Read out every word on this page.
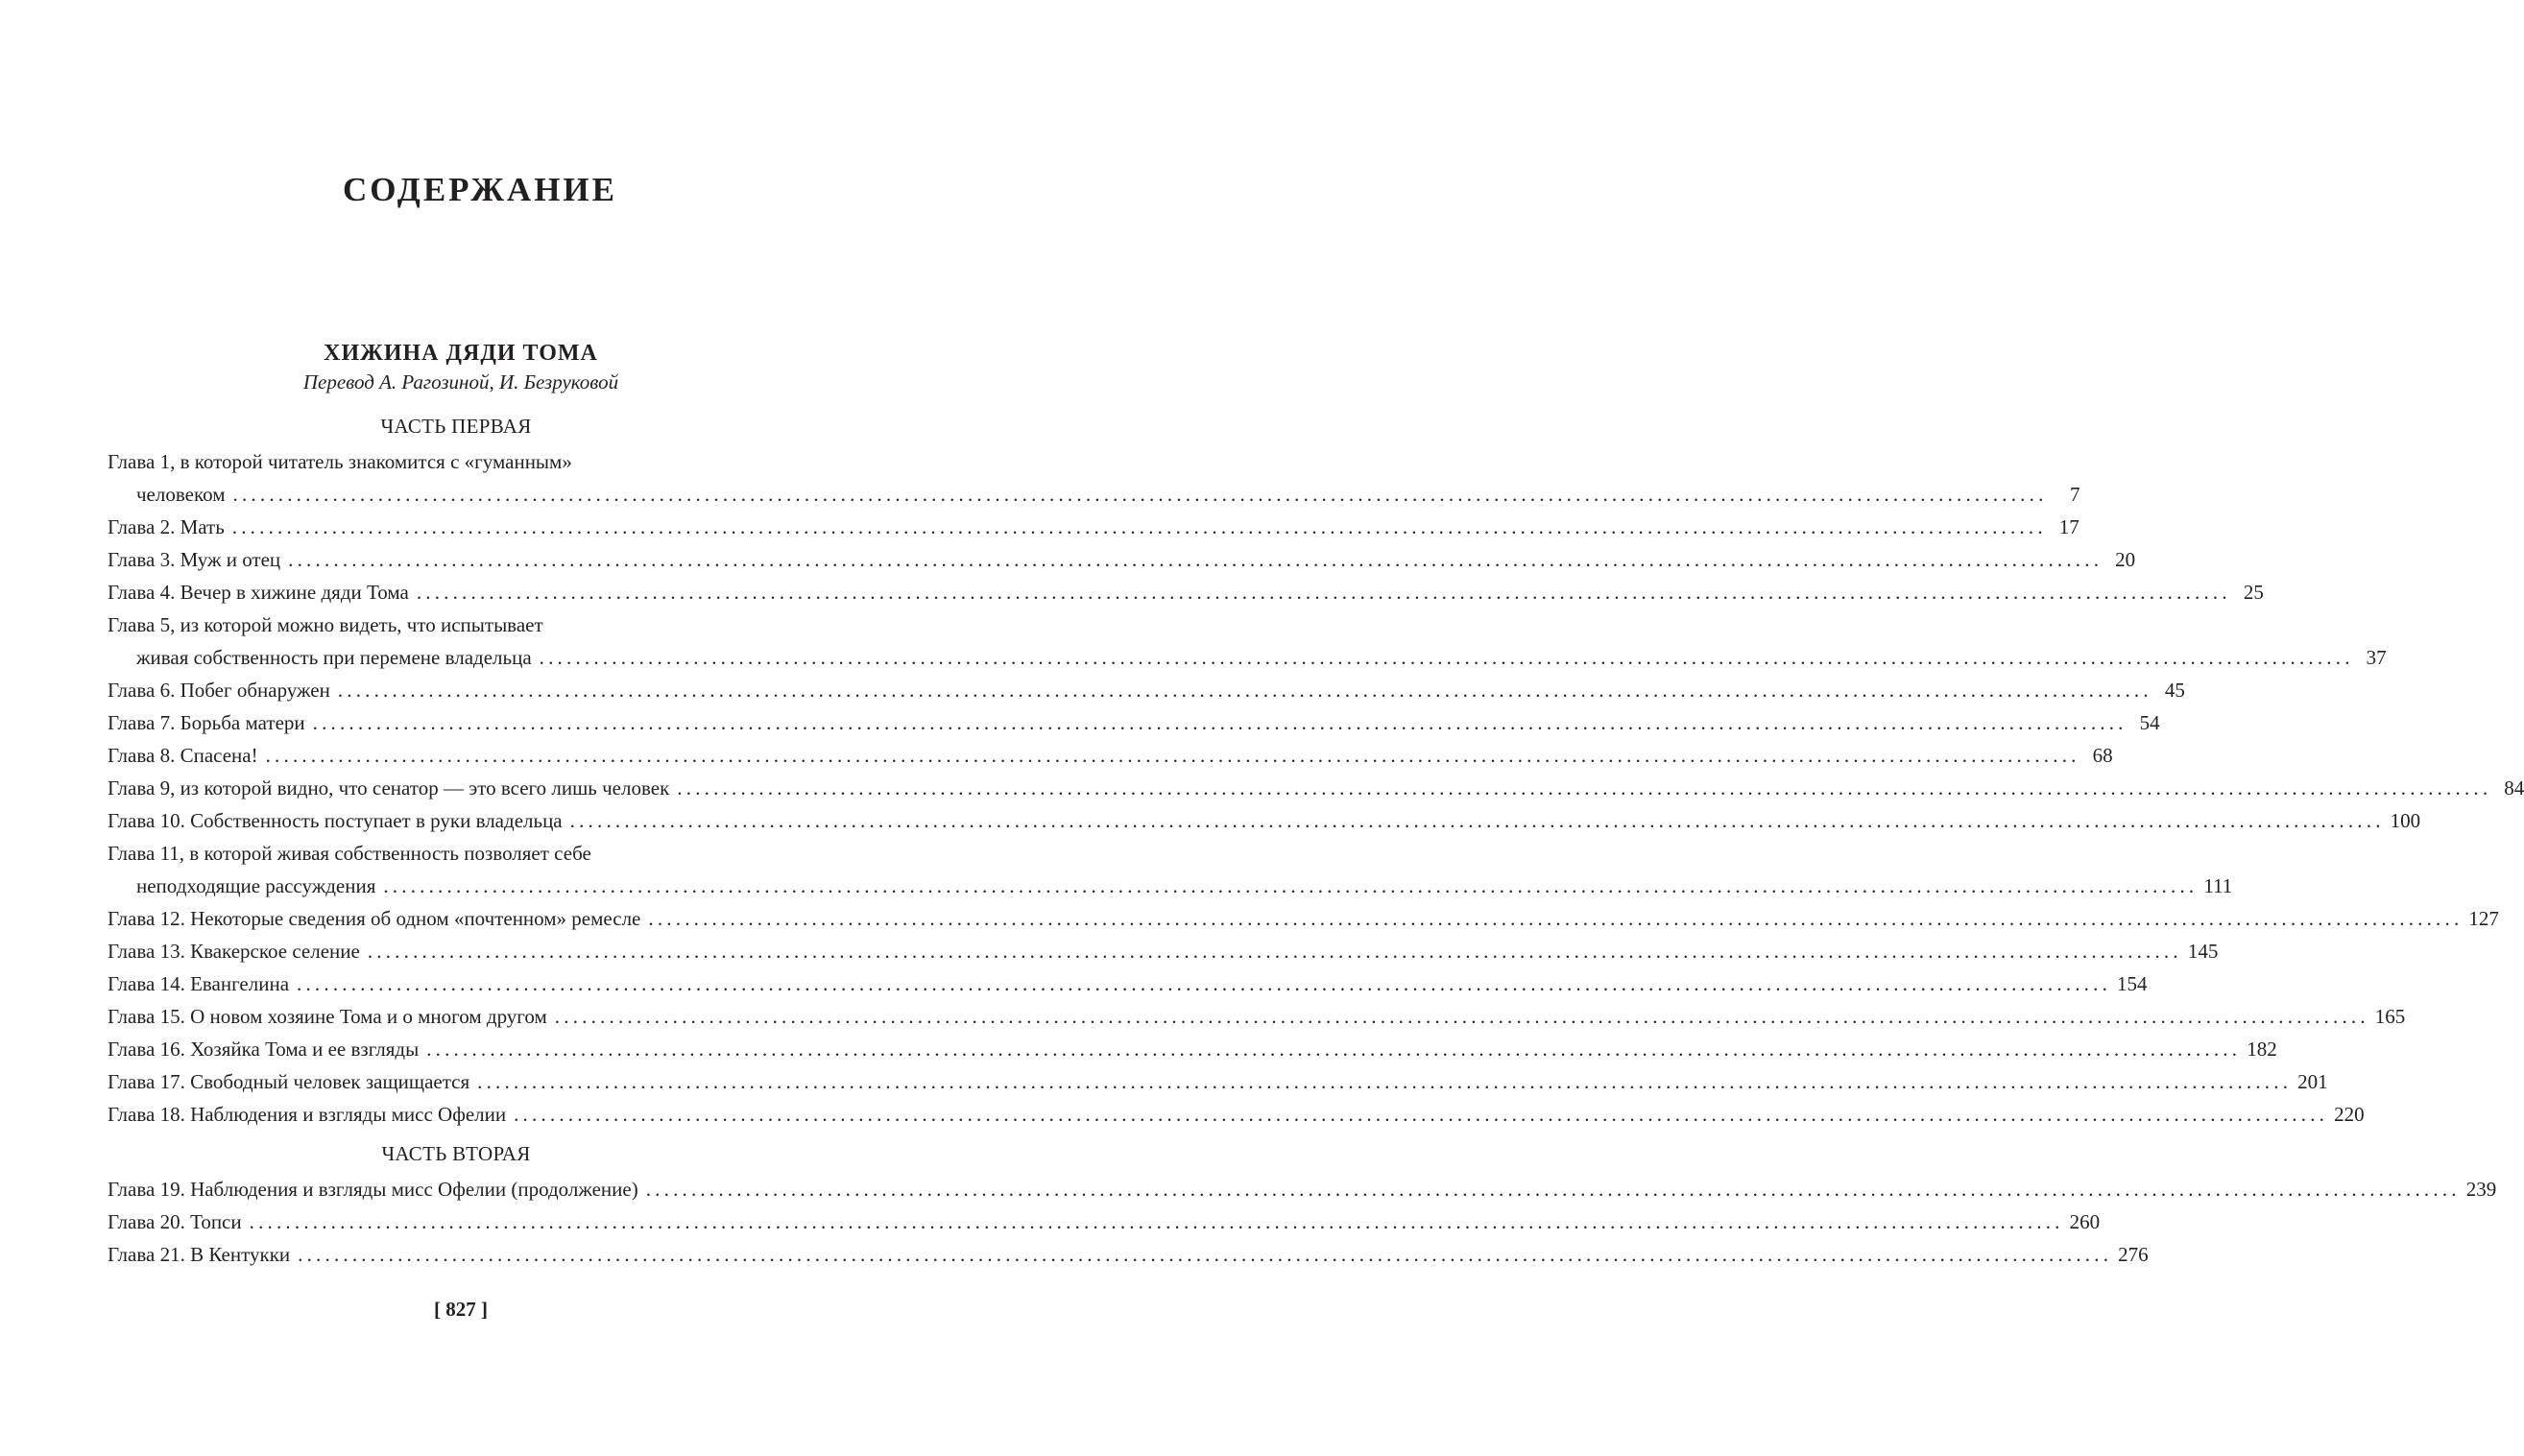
СОДЕРЖАНИЕ
ХИЖИНА ДЯДИ ТОМА
Перевод А. Рагозиной, И. Безруковой
ЧАСТЬ ПЕРВАЯ
Глава 1, в которой читатель знакомится с «гуманным»
человеком ........................................................................................................................................................................................................	7
Глава 2. Мать ........................................................................................................................................................................................................ 17
Глава 3. Муж и отец ........................................................................................................................................................................................................ 20
Глава 4. Вечер в хижине дяди Тома ........................................................................................................................................................................................................ 25
Глава 5, из которой можно видеть, что испытывает
живая собственность при перемене владельца ........................................................................................................................................................................................................ 37
Глава 6. Побег обнаружен ........................................................................................................................................................................................................ 45
Глава 7. Борьба матери ........................................................................................................................................................................................................ 54
Глава 8. Спасена! ........................................................................................................................................................................................................ 68
Глава 9, из которой видно, что сенатор — это всего лишь человек ........................................................................................................................................................................................................ 84
Глава 10. Собственность поступает в руки владельца ........................................................................................................................................................................................................ 100
Глава 11, в которой живая собственность позволяет себе
неподходящие рассуждения ........................................................................................................................................................................................................ 111
Глава 12. Некоторые сведения об одном «почтенном» ремесле ........................................................................................................................................................................................................ 127
Глава 13. Квакерское селение ........................................................................................................................................................................................................ 145
Глава 14. Евангелина ........................................................................................................................................................................................................ 154
Глава 15. О новом хозяине Тома и о многом другом ........................................................................................................................................................................................................ 165
Глава 16. Хозяйка Тома и ее взгляды ........................................................................................................................................................................................................ 182
Глава 17. Свободный человек защищается ........................................................................................................................................................................................................ 201
Глава 18. Наблюдения и взгляды мисс Офелии ........................................................................................................................................................................................................ 220
ЧАСТЬ ВТОРАЯ
Глава 19. Наблюдения и взгляды мисс Офелии (продолжение) ........................................................................................................................................................................................................ 239
Глава 20. Топси ........................................................................................................................................................................................................ 260
Глава 21. В Кентукки ........................................................................................................................................................................................................ 276
[ 827 ]
